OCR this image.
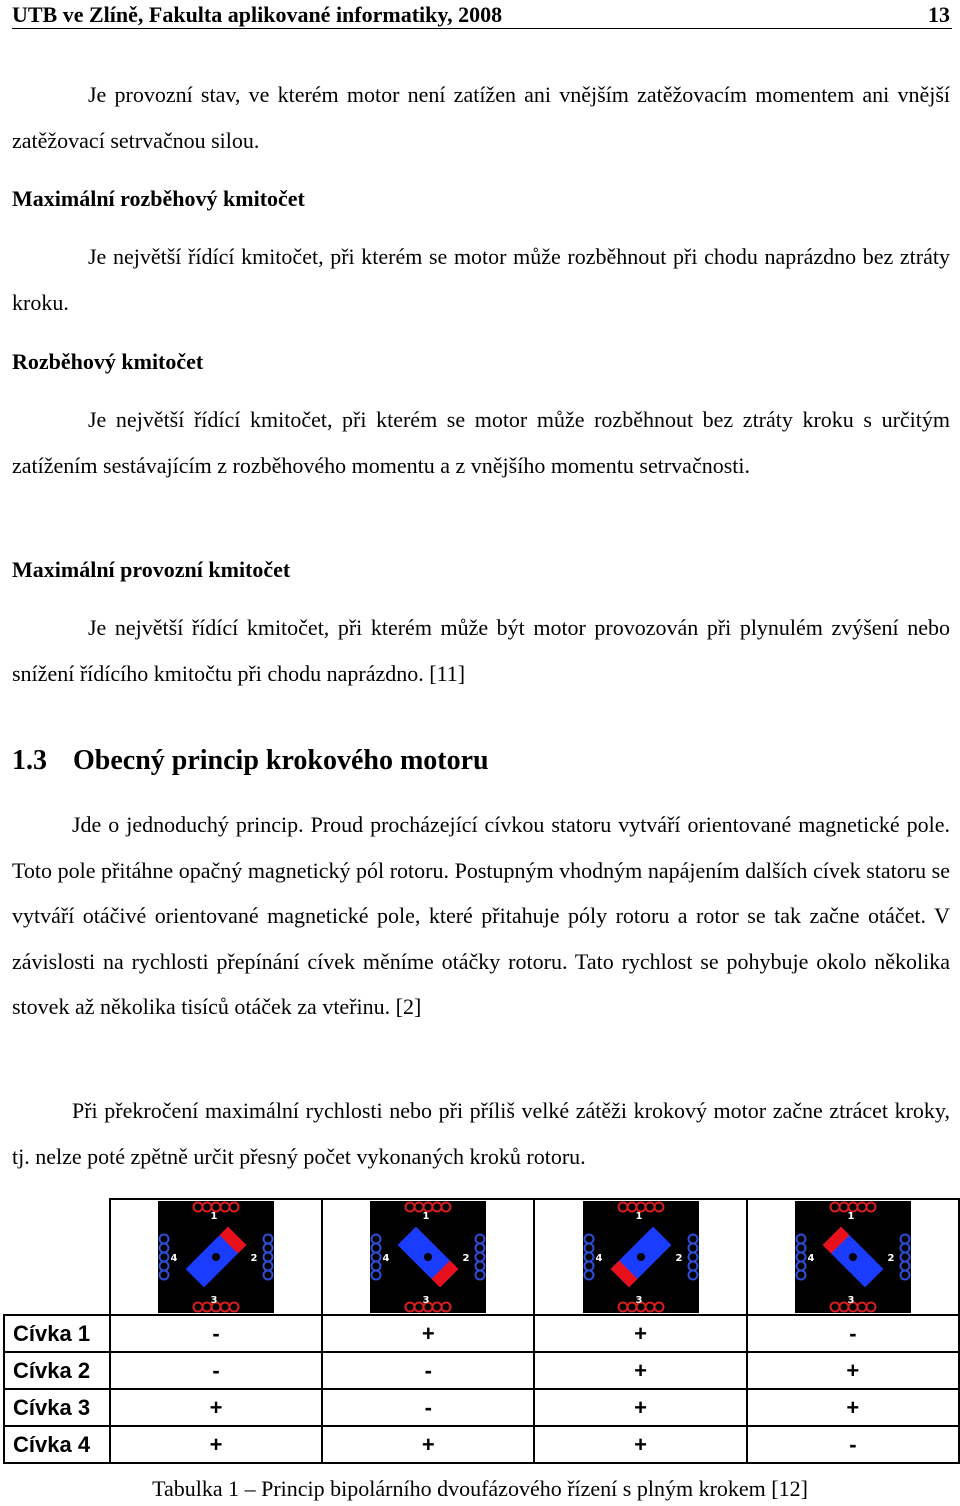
UTB ve Zlíně, Fakulta aplikované informatiky, 2008	13
Je provozní stav, ve kterém motor není zatížen ani vnějším zatěžovacím momentem ani vnější zatěžovací setrvačnou silou.
Maximální rozběhový kmitočet
Je největší řídící kmitočet, při kterém se motor může rozběhnout při chodu naprázdno bez ztráty kroku.
Rozběhový kmitočet
Je největší řídící kmitočet, při kterém se motor může rozběhnout bez ztráty kroku s určitým zatížením sestávajícím z rozběhového momentu a z vnějšího momentu setrvačnosti.
Maximální provozní kmitočet
Je největší řídící kmitočet, při kterém může být motor provozován při plynulém zvýšení nebo snížení řídícího kmitočtu při chodu naprázdno. [11]
1.3 Obecný princip krokového motoru
Jde o jednoduchý princip. Proud procházející cívkou statoru vytváří orientované magnetické pole. Toto pole přitáhne opačný magnetický pól rotoru. Postupným vhodným napájením dalších cívek statoru se vytváří otáčivé orientované magnetické pole, které přitahuje póly rotoru a rotor se tak začne otáčet. V závislosti na rychlosti přepínání cívek měníme otáčky rotoru. Tato rychlost se pohybuje okolo několika stovek až několika tisíců otáček za vteřinu. [2]
Při překročení maximální rychlosti nebo při příliš velké zátěži krokový motor začne ztrácet kroky, tj. nelze poté zpětně určit přesný počet vykonaných kroků rotoru.

1
2
3
4	1
2
3
4	1
2
3
4	1
2
3
4

Cívka 1	-	+	+	-
Cívka 2	-	-	+	+
Cívka 3	+	-	+	+
Cívka 4	+	+	+	-
Tabulka 1 – Princip bipolárního dvoufázového řízení s plným krokem [12]
